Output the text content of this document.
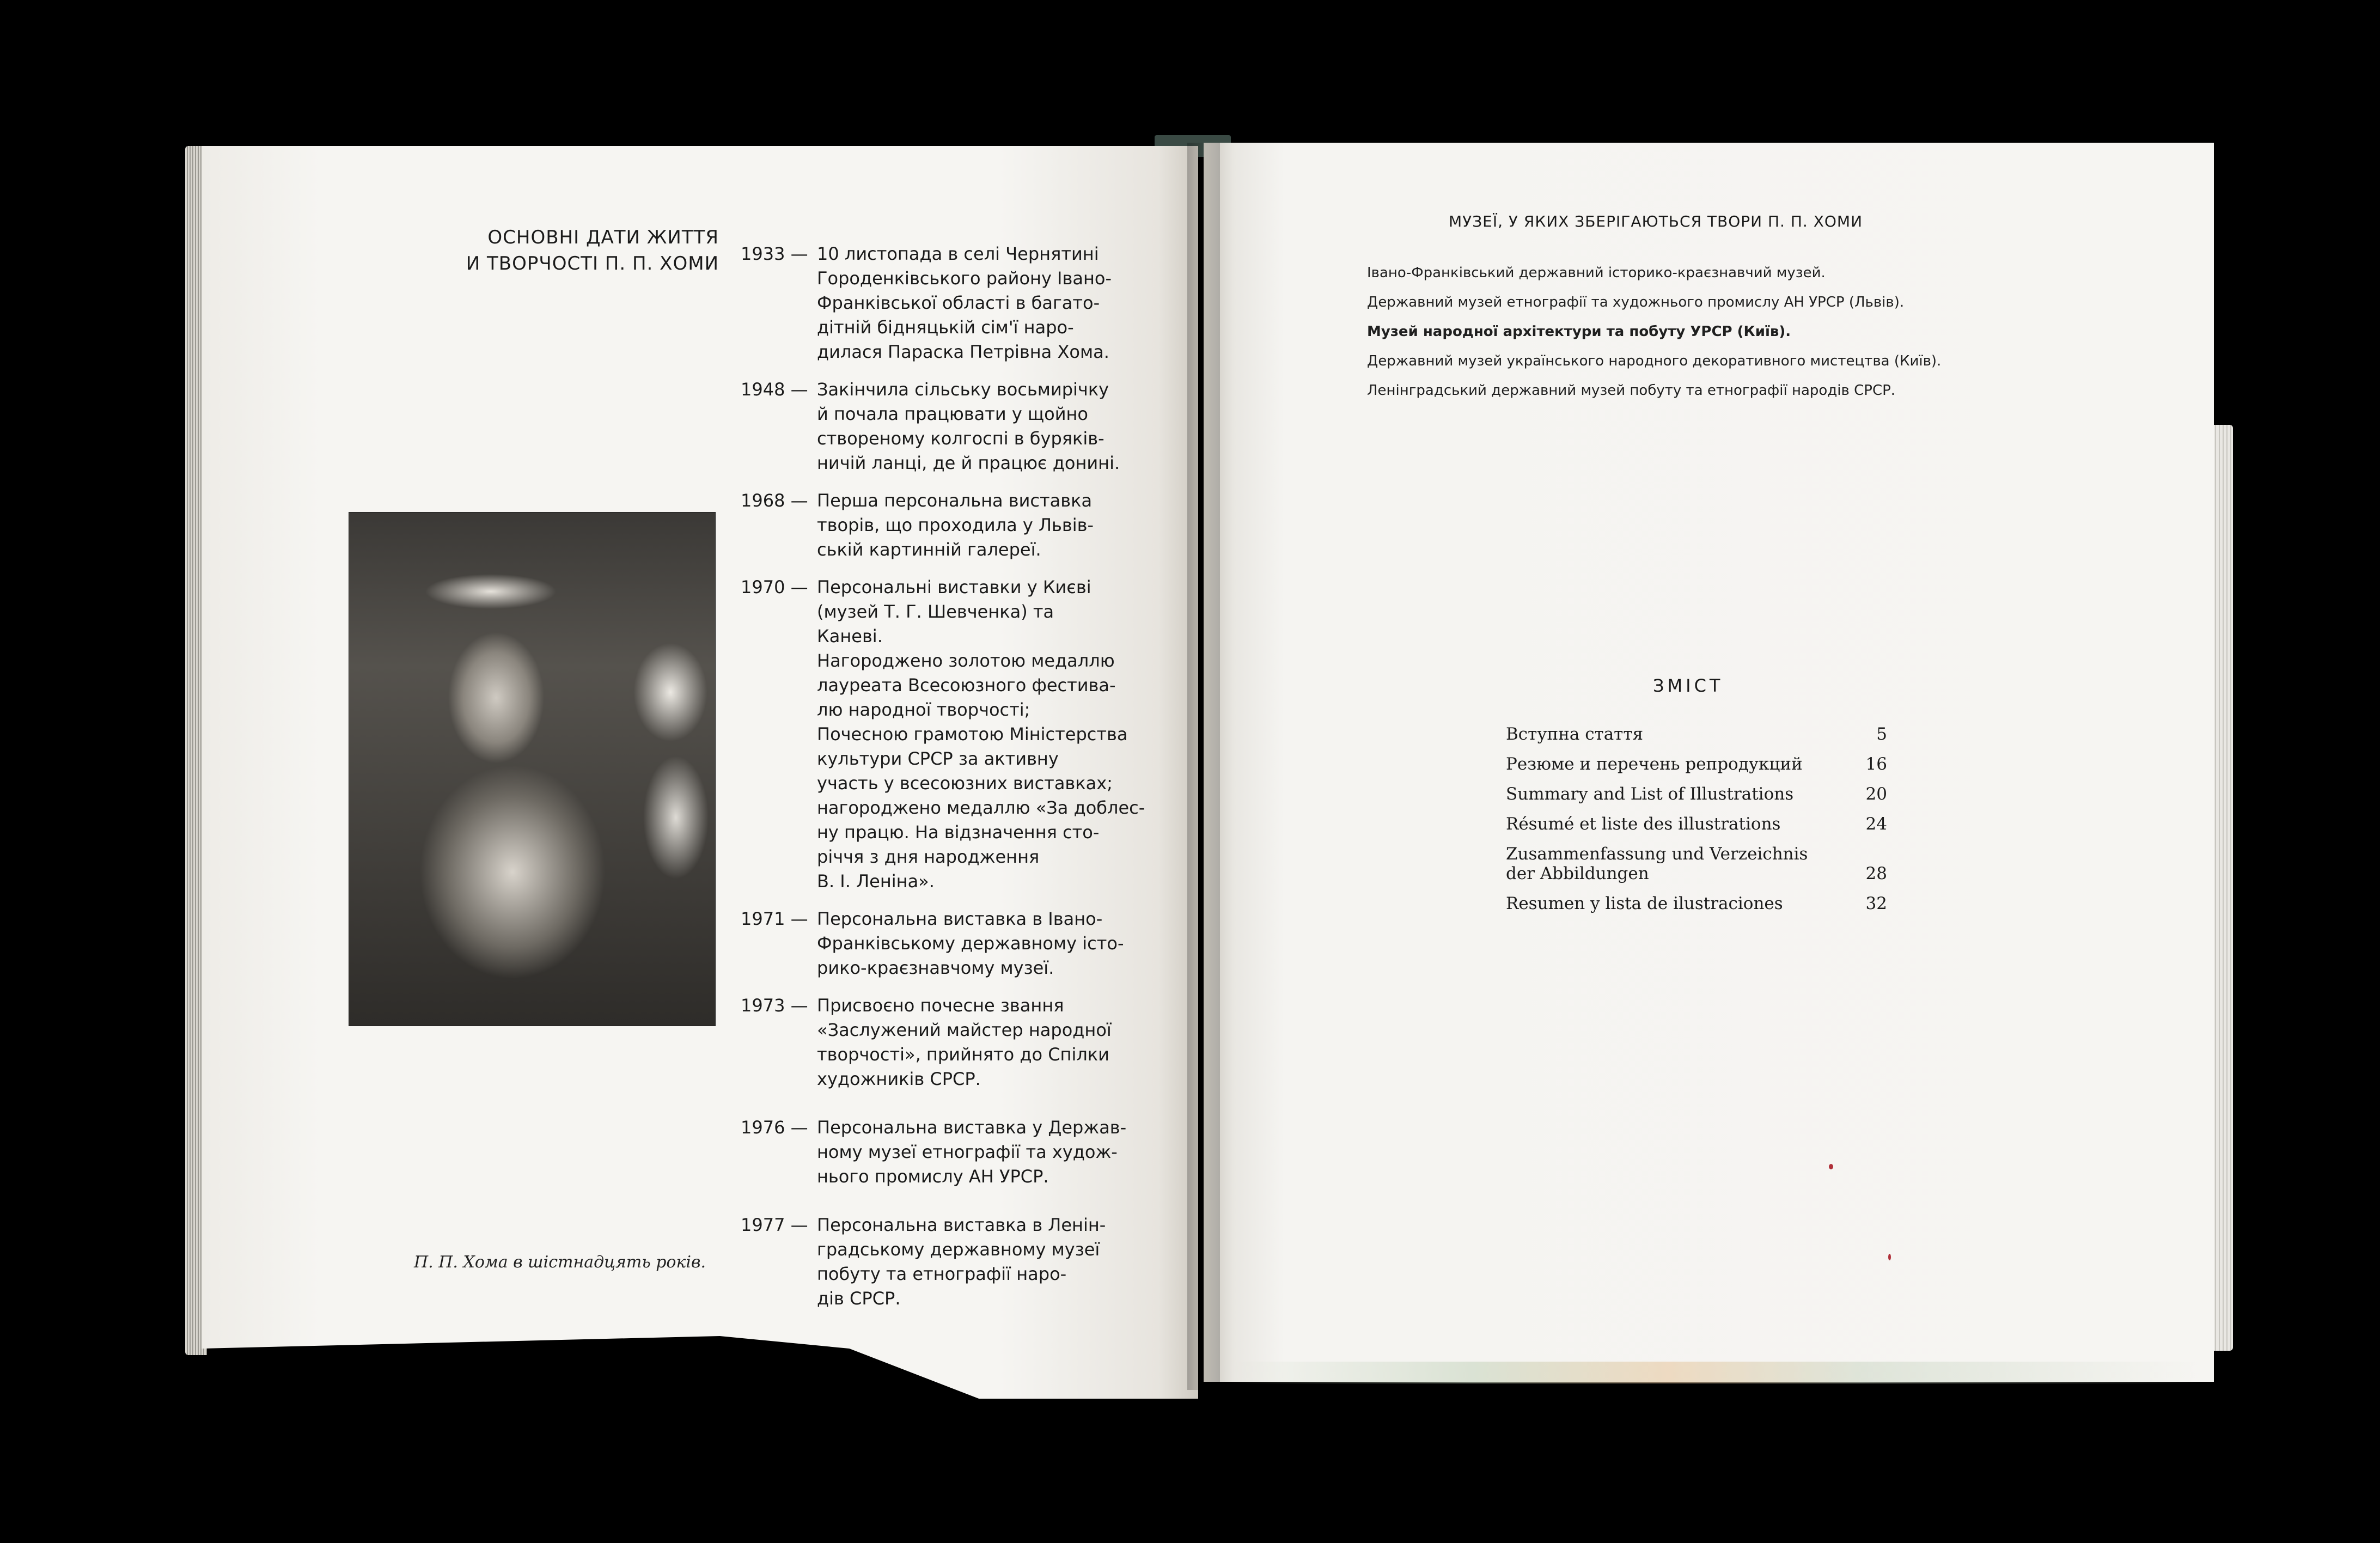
ОСНОВНІ ДАТИ ЖИТТЯ
И ТВОРЧОСТІ П. П. ХОМИ 1933 — 10 листопада в селі Чернятині
Городенківського району Івано-
Франківської області в багато-
дітній бідняцькій сім'ї наро-
дилася Параска Петрівна Хома.
1948 — Закінчила сільську восьмирічку
й почала працювати у щойно
створеному колгоспі в буряків-
ничій ланці, де й працює донині.
1968 — Перша персональна виставка
творів, що проходила у Львів-
ській картинній галереї.
1970 — Персональні виставки у Києві
(музей Т. Г. Шевченка) та
Каневі.
Нагороджено золотою медаллю
лауреата Всесоюзного фестива-
лю народної творчості;
Почесною грамотою Міністерства
культури СРСР за активну
участь у всесоюзних виставках;
нагороджено медаллю «За доблес-
ну працю. На відзначення сто-
річчя з дня народження
В. І. Леніна».
1971 — Персональна виставка в Івано-
Франківському державному істо-
рико-краєзнавчому музеї.
1973 — Присвоєно почесне звання
«Заслужений майстер народної
творчості», прийнято до Спілки
художників СРСР.
1976 — Персональна виставка у Держав-
ному музеї етнографії та худож-
нього промислу АН УРСР.
1977 — Персональна виставка в Ленін-
градському державному музеї
побуту та етнографії наро-
дів СРСР.
П. П. Хома в шістнадцять років.
МУЗЕЇ, У ЯКИХ ЗБЕРІГАЮТЬСЯ ТВОРИ П. П. ХОМИ
Івано-Франківський державний історико-краєзнавчий музей.
Державний музей етнографії та художнього промислу АН УРСР (Львів).
Музей народної архітектури та побуту УРСР (Київ).
Державний музей українського народного декоративного мистецтва (Київ).
Ленінградський державний музей побуту та етнографії народів СРСР.
ЗМІСТ
Вступна стаття	5
Резюме и перечень репродукций	16
Summary and List of Illustrations	20
Résumé et liste des illustrations	24
Zusammenfassung und Verzeichnis der Abbildungen	28
Resumen y lista de ilustraciones	32
